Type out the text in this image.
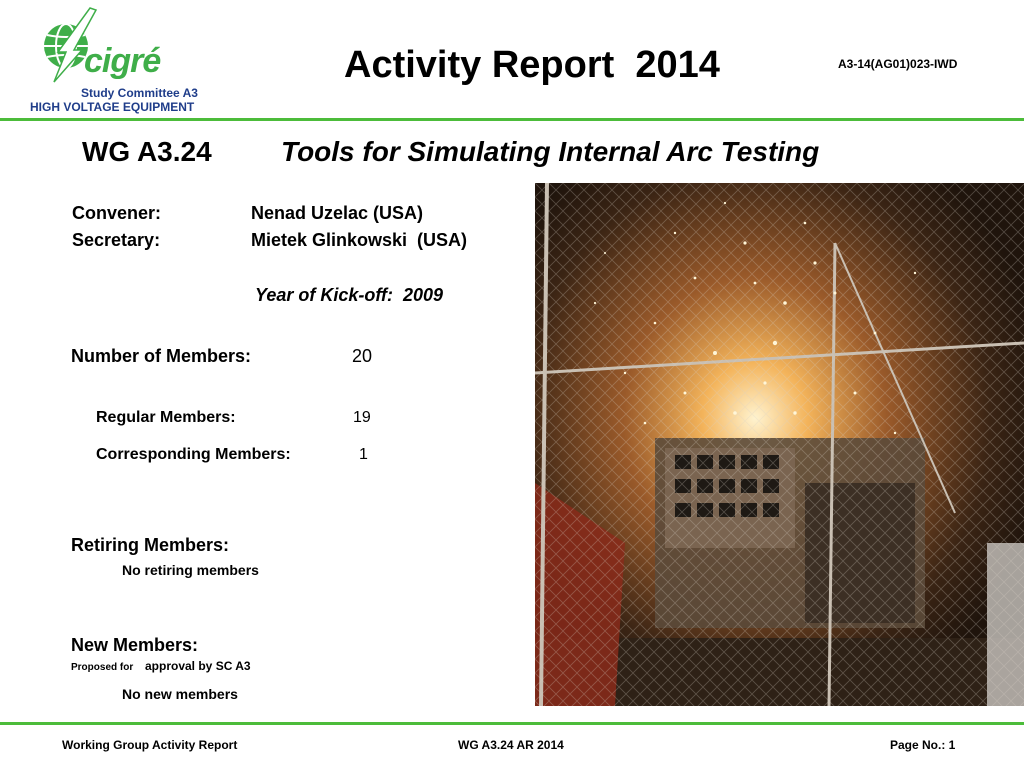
cigré
Study Committee A3
HIGH VOLTAGE EQUIPMENT
Activity Report  2014	A3-14(AG01)023-IWD
WG A3.24 Tools for Simulating Internal Arc Testing
Convener:	Nenad Uzelac (USA)
Secretary:	Mietek Glinkowski  (USA)
Year of Kick-off:  2009
Number of Members:	20
Regular Members:	19
Corresponding Members:	1
Retiring Members:
No retiring members
New Members:
Proposed for approval by SC A3
No new members
Working Group Activity Report	WG A3.24 AR 2014	Page No.: 1
